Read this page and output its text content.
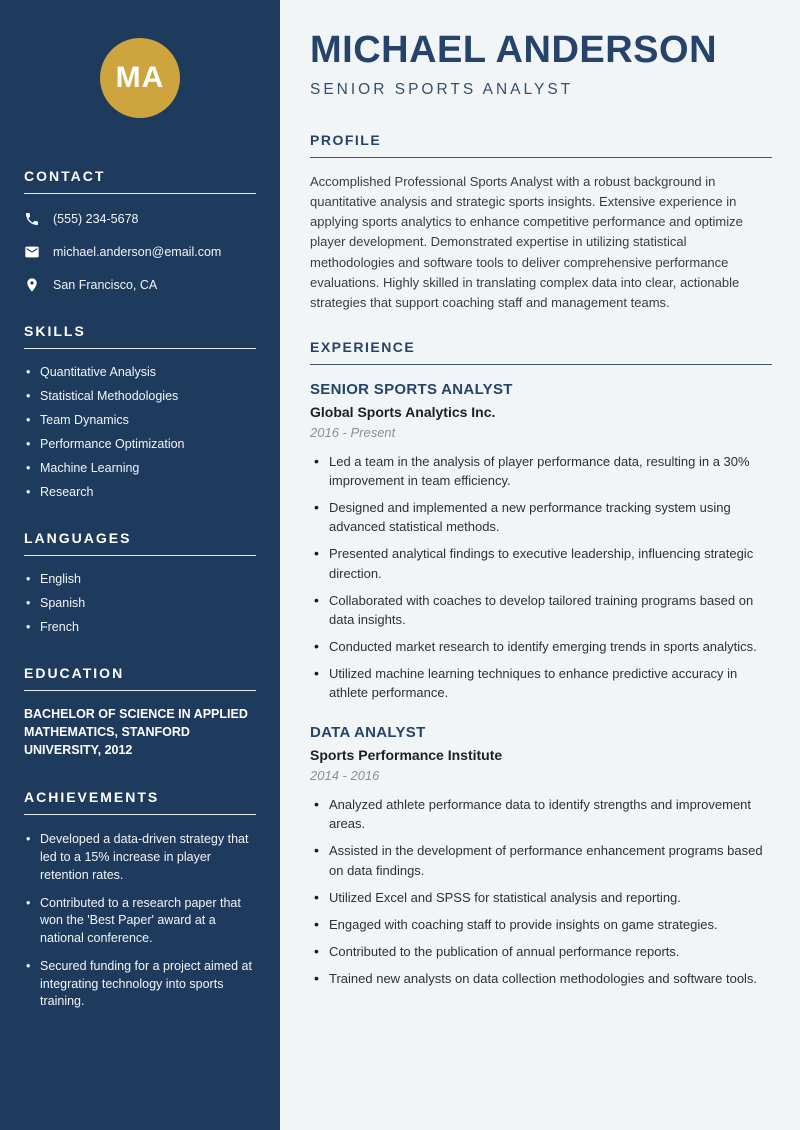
MA
CONTACT
(555) 234-5678
michael.anderson@email.com
San Francisco, CA
SKILLS
• Quantitative Analysis
• Statistical Methodologies
• Team Dynamics
• Performance Optimization
• Machine Learning
• Research
LANGUAGES
• English
• Spanish
• French
EDUCATION

BACHELOR OF SCIENCE IN APPLIED MATHEMATICS, STANFORD UNIVERSITY, 2012

ACHIEVEMENTS
• Developed a data-driven strategy that led to a 15% increase in player retention rates.
• Contributed to a research paper that won the 'Best Paper' award at a national conference.
• Secured funding for a project aimed at integrating technology into sports training.
MICHAEL ANDERSON
SENIOR SPORTS ANALYST
PROFILE

Accomplished Professional Sports Analyst with a robust background in quantitative analysis and strategic sports insights. Extensive experience in applying sports analytics to enhance competitive performance and optimize player development. Demonstrated expertise in utilizing statistical methodologies and software tools to deliver comprehensive performance evaluations. Highly skilled in translating complex data into clear, actionable strategies that support coaching staff and management teams.

EXPERIENCE
SENIOR SPORTS ANALYST
Global Sports Analytics Inc.
2016 - Present
• Led a team in the analysis of player performance data, resulting in a 30% improvement in team efficiency.
• Designed and implemented a new performance tracking system using advanced statistical methods.
• Presented analytical findings to executive leadership, influencing strategic direction.
• Collaborated with coaches to develop tailored training programs based on data insights.
• Conducted market research to identify emerging trends in sports analytics.
• Utilized machine learning techniques to enhance predictive accuracy in athlete performance.
DATA ANALYST
Sports Performance Institute
2014 - 2016
• Analyzed athlete performance data to identify strengths and improvement areas.
• Assisted in the development of performance enhancement programs based on data findings.
• Utilized Excel and SPSS for statistical analysis and reporting.
• Engaged with coaching staff to provide insights on game strategies.
• Contributed to the publication of annual performance reports.
• Trained new analysts on data collection methodologies and software tools.
